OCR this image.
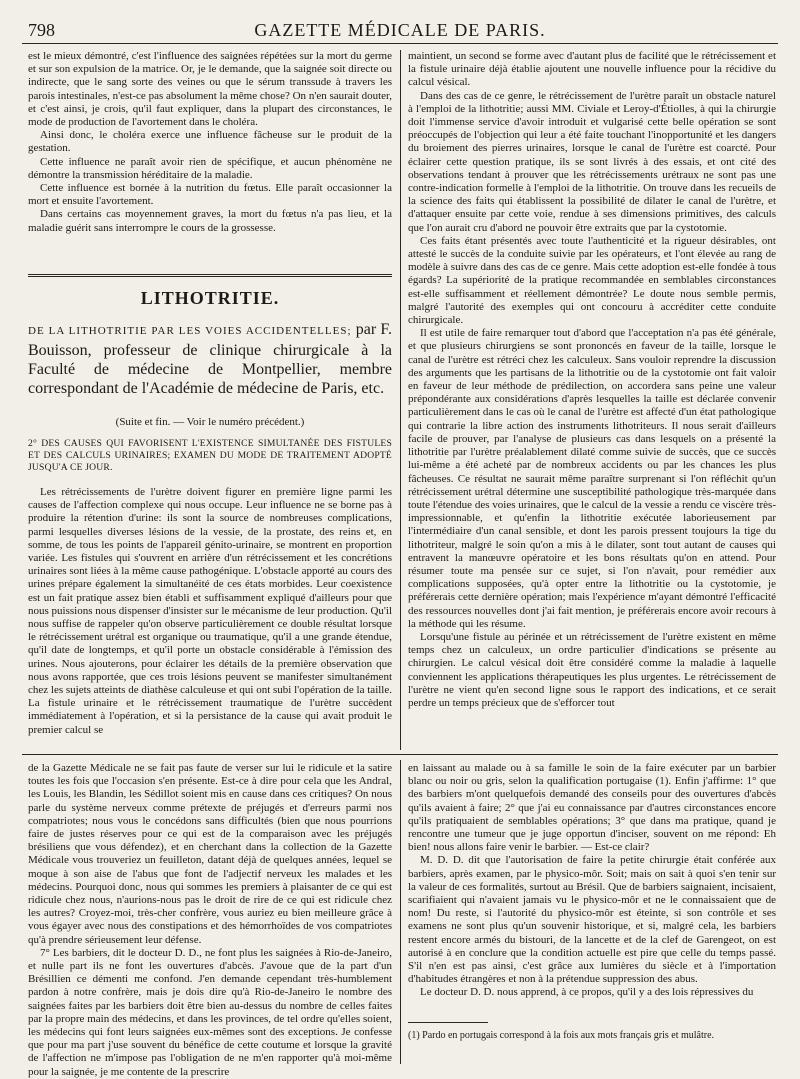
798	GAZETTE MÉDICALE DE PARIS.

est le mieux démontré, c'est l'influence des saignées répétées sur la mort du germe et sur son expulsion de la matrice. Or, je le demande, que la saignée soit directe ou indirecte, que le sang sorte des veines ou que le sérum transsude à travers les parois intestinales, n'est-ce pas absolument la même chose? On n'en saurait douter, et c'est ainsi, je crois, qu'il faut expliquer, dans la plupart des circonstances, le mode de production de l'avortement dans le choléra.

Ainsi donc, le choléra exerce une influence fâcheuse sur le produit de la gestation.

Cette influence ne paraît avoir rien de spécifique, et aucun phénomène ne démontre la transmission héréditaire de la maladie.

Cette influence est bornée à la nutrition du fœtus. Elle paraît occasionner la mort et ensuite l'avortement.

Dans certains cas moyennement graves, la mort du fœtus n'a pas lieu, et la maladie guérit sans interrompre le cours de la grossesse.

LITHOTRITIE.
DE LA LITHOTRITIE PAR LES VOIES ACCIDENTELLES; par F. Bouisson, professeur de clinique chirurgicale à la Faculté de médecine de Montpellier, membre correspondant de l'Académie de médecine de Paris, etc.
(Suite et fin. — Voir le numéro précédent.)
2° DES CAUSES QUI FAVORISENT L'EXISTENCE SIMULTANÉE DES FISTULES ET DES CALCULS URINAIRES; EXAMEN DU MODE DE TRAITEMENT ADOPTÉ JUSQU'A CE JOUR.

Les rétrécissements de l'urètre doivent figurer en première ligne parmi les causes de l'affection complexe qui nous occupe. Leur influence ne se borne pas à produire la rétention d'urine: ils sont la source de nombreuses complications, parmi lesquelles diverses lésions de la vessie, de la prostate, des reins et, en somme, de tous les points de l'appareil génito-urinaire, se montrent en proportion variée. Les fistules qui s'ouvrent en arrière d'un rétrécissement et les concrétions urinaires sont liées à la même cause pathogénique. L'obstacle apporté au cours des urines prépare également la simultanéité de ces états morbides. Leur coexistence est un fait pratique assez bien établi et suffisamment expliqué d'ailleurs pour que nous puissions nous dispenser d'insister sur le mécanisme de leur production. Qu'il nous suffise de rappeler qu'on observe particulièrement ce double résultat lorsque le rétrécissement urétral est organique ou traumatique, qu'il a une grande étendue, qu'il date de longtemps, et qu'il porte un obstacle considérable à l'émission des urines. Nous ajouterons, pour éclairer les détails de la première observation que nous avons rapportée, que ces trois lésions peuvent se manifester simultanément chez les sujets atteints de diathèse calculeuse et qui ont subi l'opération de la taille. La fistule urinaire et le rétrécissement traumatique de l'urètre succèdent immédiatement à l'opération, et si la persistance de la cause qui avait produit le premier calcul se

maintient, un second se forme avec d'autant plus de facilité que le rétrécissement et la fistule urinaire déjà établie ajoutent une nouvelle influence pour la récidive du calcul vésical.

Dans des cas de ce genre, le rétrécissement de l'urètre paraît un obstacle naturel à l'emploi de la lithotritie; aussi MM. Civiale et Leroy-d'Étiolles, à qui la chirurgie doit l'immense service d'avoir introduit et vulgarisé cette belle opération se sont préoccupés de l'objection qui leur a été faite touchant l'inopportunité et les dangers du broiement des pierres urinaires, lorsque le canal de l'urètre est coarcté. Pour éclairer cette question pratique, ils se sont livrés à des essais, et ont cité des observations tendant à prouver que les rétrécissements urétraux ne sont pas une contre-indication formelle à l'emploi de la lithotritie. On trouve dans les recueils de la science des faits qui établissent la possibilité de dilater le canal de l'urètre, et d'attaquer ensuite par cette voie, rendue à ses dimensions primitives, des calculs que l'on aurait cru d'abord ne pouvoir être extraits que par la cystotomie.

Ces faits étant présentés avec toute l'authenticité et la rigueur désirables, ont attesté le succès de la conduite suivie par les opérateurs, et l'ont élevée au rang de modèle à suivre dans des cas de ce genre. Mais cette adoption est-elle fondée à tous égards? La supériorité de la pratique recommandée en semblables circonstances est-elle suffisamment et réellement démontrée? Le doute nous semble permis, malgré l'autorité des exemples qui ont concouru à accréditer cette conduite chirurgicale.

Il est utile de faire remarquer tout d'abord que l'acceptation n'a pas été générale, et que plusieurs chirurgiens se sont prononcés en faveur de la taille, lorsque le canal de l'urètre est rétréci chez les calculeux. Sans vouloir reprendre la discussion des arguments que les partisans de la lithotritie ou de la cystotomie ont fait valoir en faveur de leur méthode de prédilection, on accordera sans peine une valeur prépondérante aux considérations d'après lesquelles la taille est déclarée convenir particulièrement dans le cas où le canal de l'urètre est affecté d'un état pathologique qui contrarie la libre action des instruments lithotriteurs. Il nous serait d'ailleurs facile de prouver, par l'analyse de plusieurs cas dans lesquels on a présenté la lithotritie par l'urètre préalablement dilaté comme suivie de succès, que ce succès lui-même a été acheté par de nombreux accidents ou par les chances les plus fâcheuses. Ce résultat ne saurait même paraître surprenant si l'on réfléchit qu'un rétrécissement urétral détermine une susceptibilité pathologique très-marquée dans toute l'étendue des voies urinaires, que le calcul de la vessie a rendu ce viscère très-impressionnable, et qu'enfin la lithotritie exécutée laborieusement par l'intermédiaire d'un canal sensible, et dont les parois pressent toujours la tige du lithotriteur, malgré le soin qu'on a mis à le dilater, sont tout autant de causes qui entravent la manœuvre opératoire et les bons résultats qu'on en attend. Pour résumer toute ma pensée sur ce sujet, si l'on n'avait, pour remédier aux complications supposées, qu'à opter entre la lithotritie ou la cystotomie, je préférerais cette dernière opération; mais l'expérience m'ayant démontré l'efficacité des ressources nouvelles dont j'ai fait mention, je préférerais encore avoir recours à la méthode qui les résume.

Lorsqu'une fistule au périnée et un rétrécissement de l'urètre existent en même temps chez un calculeux, un ordre particulier d'indications se présente au chirurgien. Le calcul vésical doit être considéré comme la maladie à laquelle conviennent les applications thérapeutiques les plus urgentes. Le rétrécissement de l'urètre ne vient qu'en second ligne sous le rapport des indications, et ce serait perdre un temps précieux que de s'efforcer tout

de la Gazette Médicale ne se fait pas faute de verser sur lui le ridicule et la satire toutes les fois que l'occasion s'en présente. Est-ce à dire pour cela que les Andral, les Louis, les Blandin, les Sédillot soient mis en cause dans ces critiques? On nous parle du système nerveux comme prétexte de préjugés et d'erreurs parmi nos compatriotes; nous vous le concédons sans difficultés (bien que nous pourrions faire de justes réserves pour ce qui est de la comparaison avec les préjugés brésiliens que vous défendez), et en cherchant dans la collection de la Gazette Médicale vous trouveriez un feuilleton, datant déjà de quelques années, lequel se moque à son aise de l'abus que font de l'adjectif nerveux les malades et les médecins. Pourquoi donc, nous qui sommes les premiers à plaisanter de ce qui est ridicule chez nous, n'aurions-nous pas le droit de rire de ce qui est ridicule chez les autres? Croyez-moi, très-cher confrère, vous auriez eu bien meilleure grâce à vous égayer avec nous des constipations et des hémorrhoïdes de vos compatriotes qu'à prendre sérieusement leur défense.

7° Les barbiers, dit le docteur D. D., ne font plus les saignées à Rio-de-Janeiro, et nulle part ils ne font les ouvertures d'abcès. J'avoue que de la part d'un Brésillien ce démenti me confond. J'en demande cependant très-humblement pardon à notre confrère, mais je dois dire qu'à Rio-de-Janeiro le nombre des saignées faites par les barbiers doit être bien au-dessus du nombre de celles faites par la propre main des médecins, et dans les provinces, de tel ordre qu'elles soient, les médecins qui font leurs saignées eux-mêmes sont des exceptions. Je confesse que pour ma part j'use souvent du bénéfice de cette coutume et lorsque la gravité de l'affection ne m'impose pas l'obligation de ne m'en rapporter qu'à moi-même pour la saignée, je me contente de la prescrire

en laissant au malade ou à sa famille le soin de la faire exécuter par un barbier blanc ou noir ou gris, selon la qualification portugaise (1). Enfin j'affirme: 1° que des barbiers m'ont quelquefois demandé des conseils pour des ouvertures d'abcès qu'ils avaient à faire; 2° que j'ai eu connaissance par d'autres circonstances encore qu'ils pratiquaient de semblables opérations; 3° que dans ma pratique, quand je rencontre une tumeur que je juge opportun d'inciser, souvent on me répond: Eh bien! nous allons faire venir le barbier. — Est-ce clair?

M. D. D. dit que l'autorisation de faire la petite chirurgie était conférée aux barbiers, après examen, par le physico-môr. Soit; mais on sait à quoi s'en tenir sur la valeur de ces formalités, surtout au Brésil. Que de barbiers saignaient, incisaient, scarifiaient qui n'avaient jamais vu le physico-môr et ne le connaissaient que de nom! Du reste, si l'autorité du physico-môr est éteinte, si son contrôle et ses examens ne sont plus qu'un souvenir historique, et si, malgré cela, les barbiers restent encore armés du bistouri, de la lancette et de la clef de Garengeot, on est autorisé à en conclure que la condition actuelle est pire que celle du temps passé. S'il n'en est pas ainsi, c'est grâce aux lumières du siècle et à l'importation d'habitudes étrangères et non à la prétendue suppression des abus.

Le docteur D. D. nous apprend, à ce propos, qu'il y a des lois répressives du

(1) Pardo en portugais correspond à la fois aux mots français gris et mulâtre.
